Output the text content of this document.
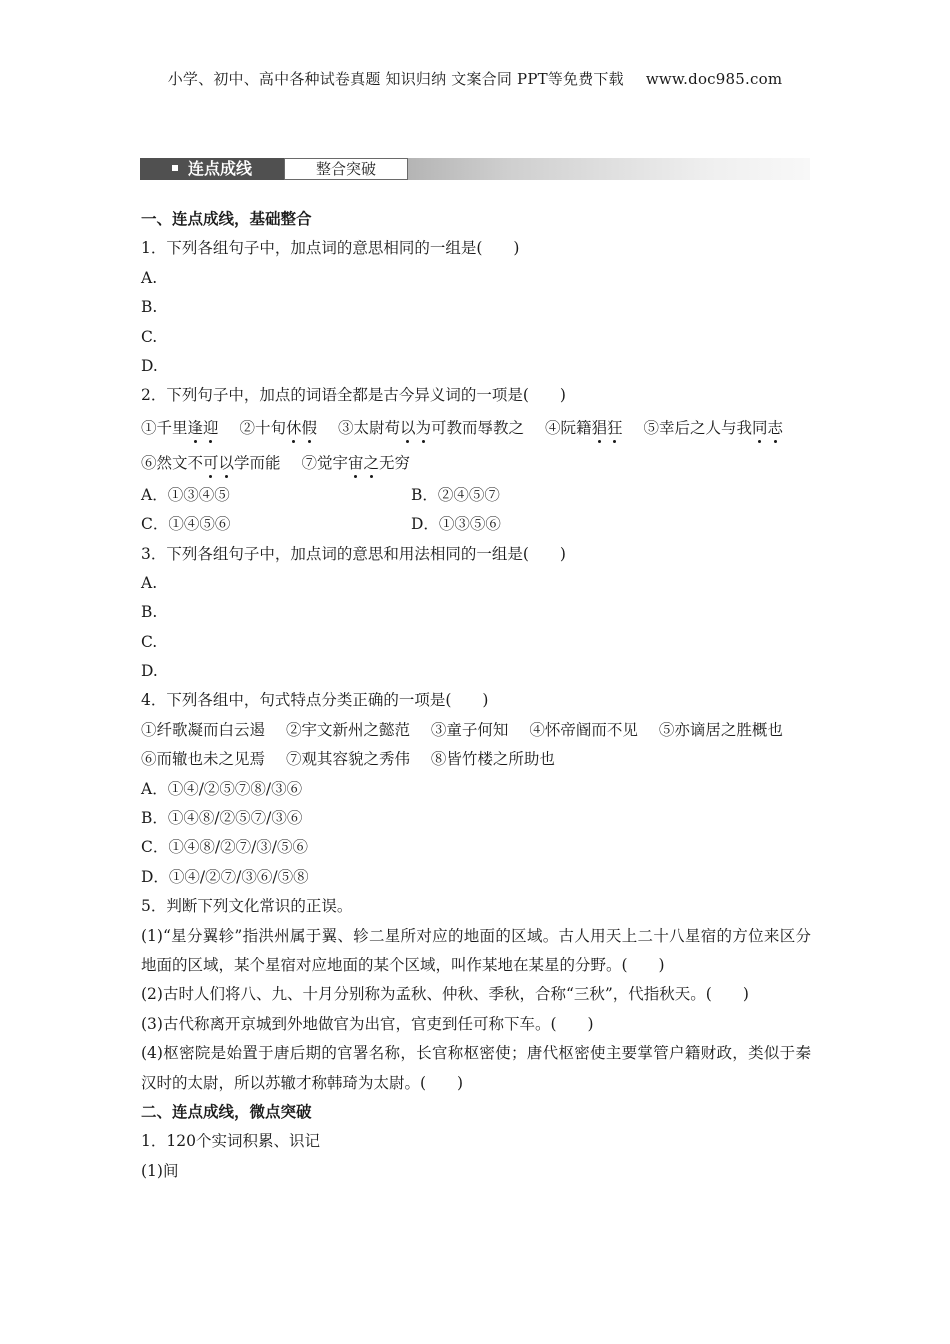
小学、初中、高中各种试卷真题 知识归纳 文案合同 PPT等免费下载 www.doc985.com
连点成线	整合突破
一、连点成线，基础整合
1．下列各组句子中，加点词的意思相同的一组是(　　)
A.
B.
C.
D.
2．下列句子中，加点的词语全都是古今异义词的一项是(　　)
①千里逢迎 ②十旬休假 ③太尉苟以为可教而辱教之 ④阮籍猖狂 ⑤幸后之人与我同志
⑥然文不可以学而能 ⑦觉宇宙之无穷
A．①③④⑤	B．②④⑤⑦
C．①④⑤⑥	D．①③⑤⑥
3．下列各组句子中，加点词的意思和用法相同的一组是(　　)
A.
B.
C.
D.
4．下列各组中，句式特点分类正确的一项是(　　)
①纤歌凝而白云遏 ②宇文新州之懿范 ③童子何知 ④怀帝阍而不见 ⑤亦谪居之胜概也
⑥而辙也未之见焉 ⑦观其容貌之秀伟 ⑧皆竹楼之所助也
A．①④/②⑤⑦⑧/③⑥
B．①④⑧/②⑤⑦/③⑥
C．①④⑧/②⑦/③/⑤⑥
D．①④/②⑦/③⑥/⑤⑧
5．判断下列文化常识的正误。
(1)“星分翼轸”指洪州属于翼、轸二星所对应的地面的区域。古人用天上二十八星宿的方位来区分地面的区域，某个星宿对应地面的某个区域，叫作某地在某星的分野。(　　)
(2)古时人们将八、九、十月分别称为孟秋、仲秋、季秋，合称“三秋”，代指秋天。(　　)
(3)古代称离开京城到外地做官为出官，官吏到任可称下车。(　　)
(4)枢密院是始置于唐后期的官署名称，长官称枢密使；唐代枢密使主要掌管户籍财政，类似于秦汉时的太尉，所以苏辙才称韩琦为太尉。(　　)
二、连点成线，微点突破
1．120个实词积累、识记
(1)间
